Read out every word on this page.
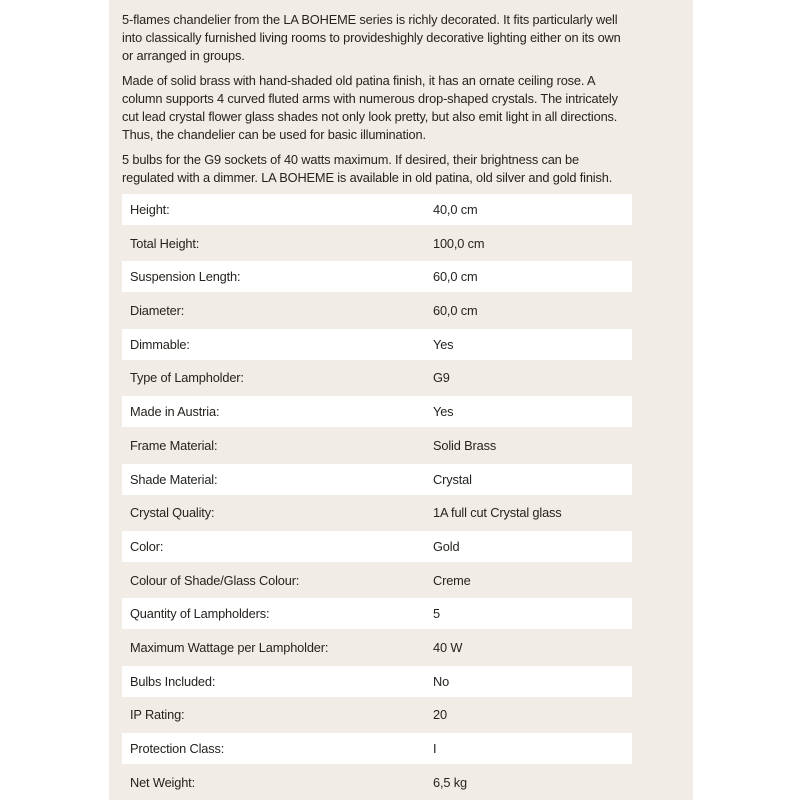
5-flames chandelier from the LA BOHEME series is richly decorated. It fits particularly well into classically furnished living rooms to provideshighly decorative lighting either on its own or arranged in groups.

Made of solid brass with hand-shaded old patina finish, it has an ornate ceiling rose. A column supports 4 curved fluted arms with numerous drop-shaped crystals. The intricately cut lead crystal flower glass shades not only look pretty, but also emit light in all directions. Thus, the chandelier can be used for basic illumination.

5 bulbs for the G9 sockets of 40 watts maximum. If desired, their brightness can be regulated with a dimmer. LA BOHEME is available in old patina, old silver and gold finish.

Height:	40,0 cm
Total Height:	100,0 cm
Suspension Length:	60,0 cm
Diameter:	60,0 cm
Dimmable:	Yes
Type of Lampholder:	G9
Made in Austria:	Yes
Frame Material:	Solid Brass
Shade Material:	Crystal
Crystal Quality:	1A full cut Crystal glass
Color:	Gold
Colour of Shade/Glass Colour:	Creme
Quantity of Lampholders:	5
Maximum Wattage per Lampholder:	40 W
Bulbs Included:	No
IP Rating:	20
Protection Class:	I
Net Weight:	6,5 kg
